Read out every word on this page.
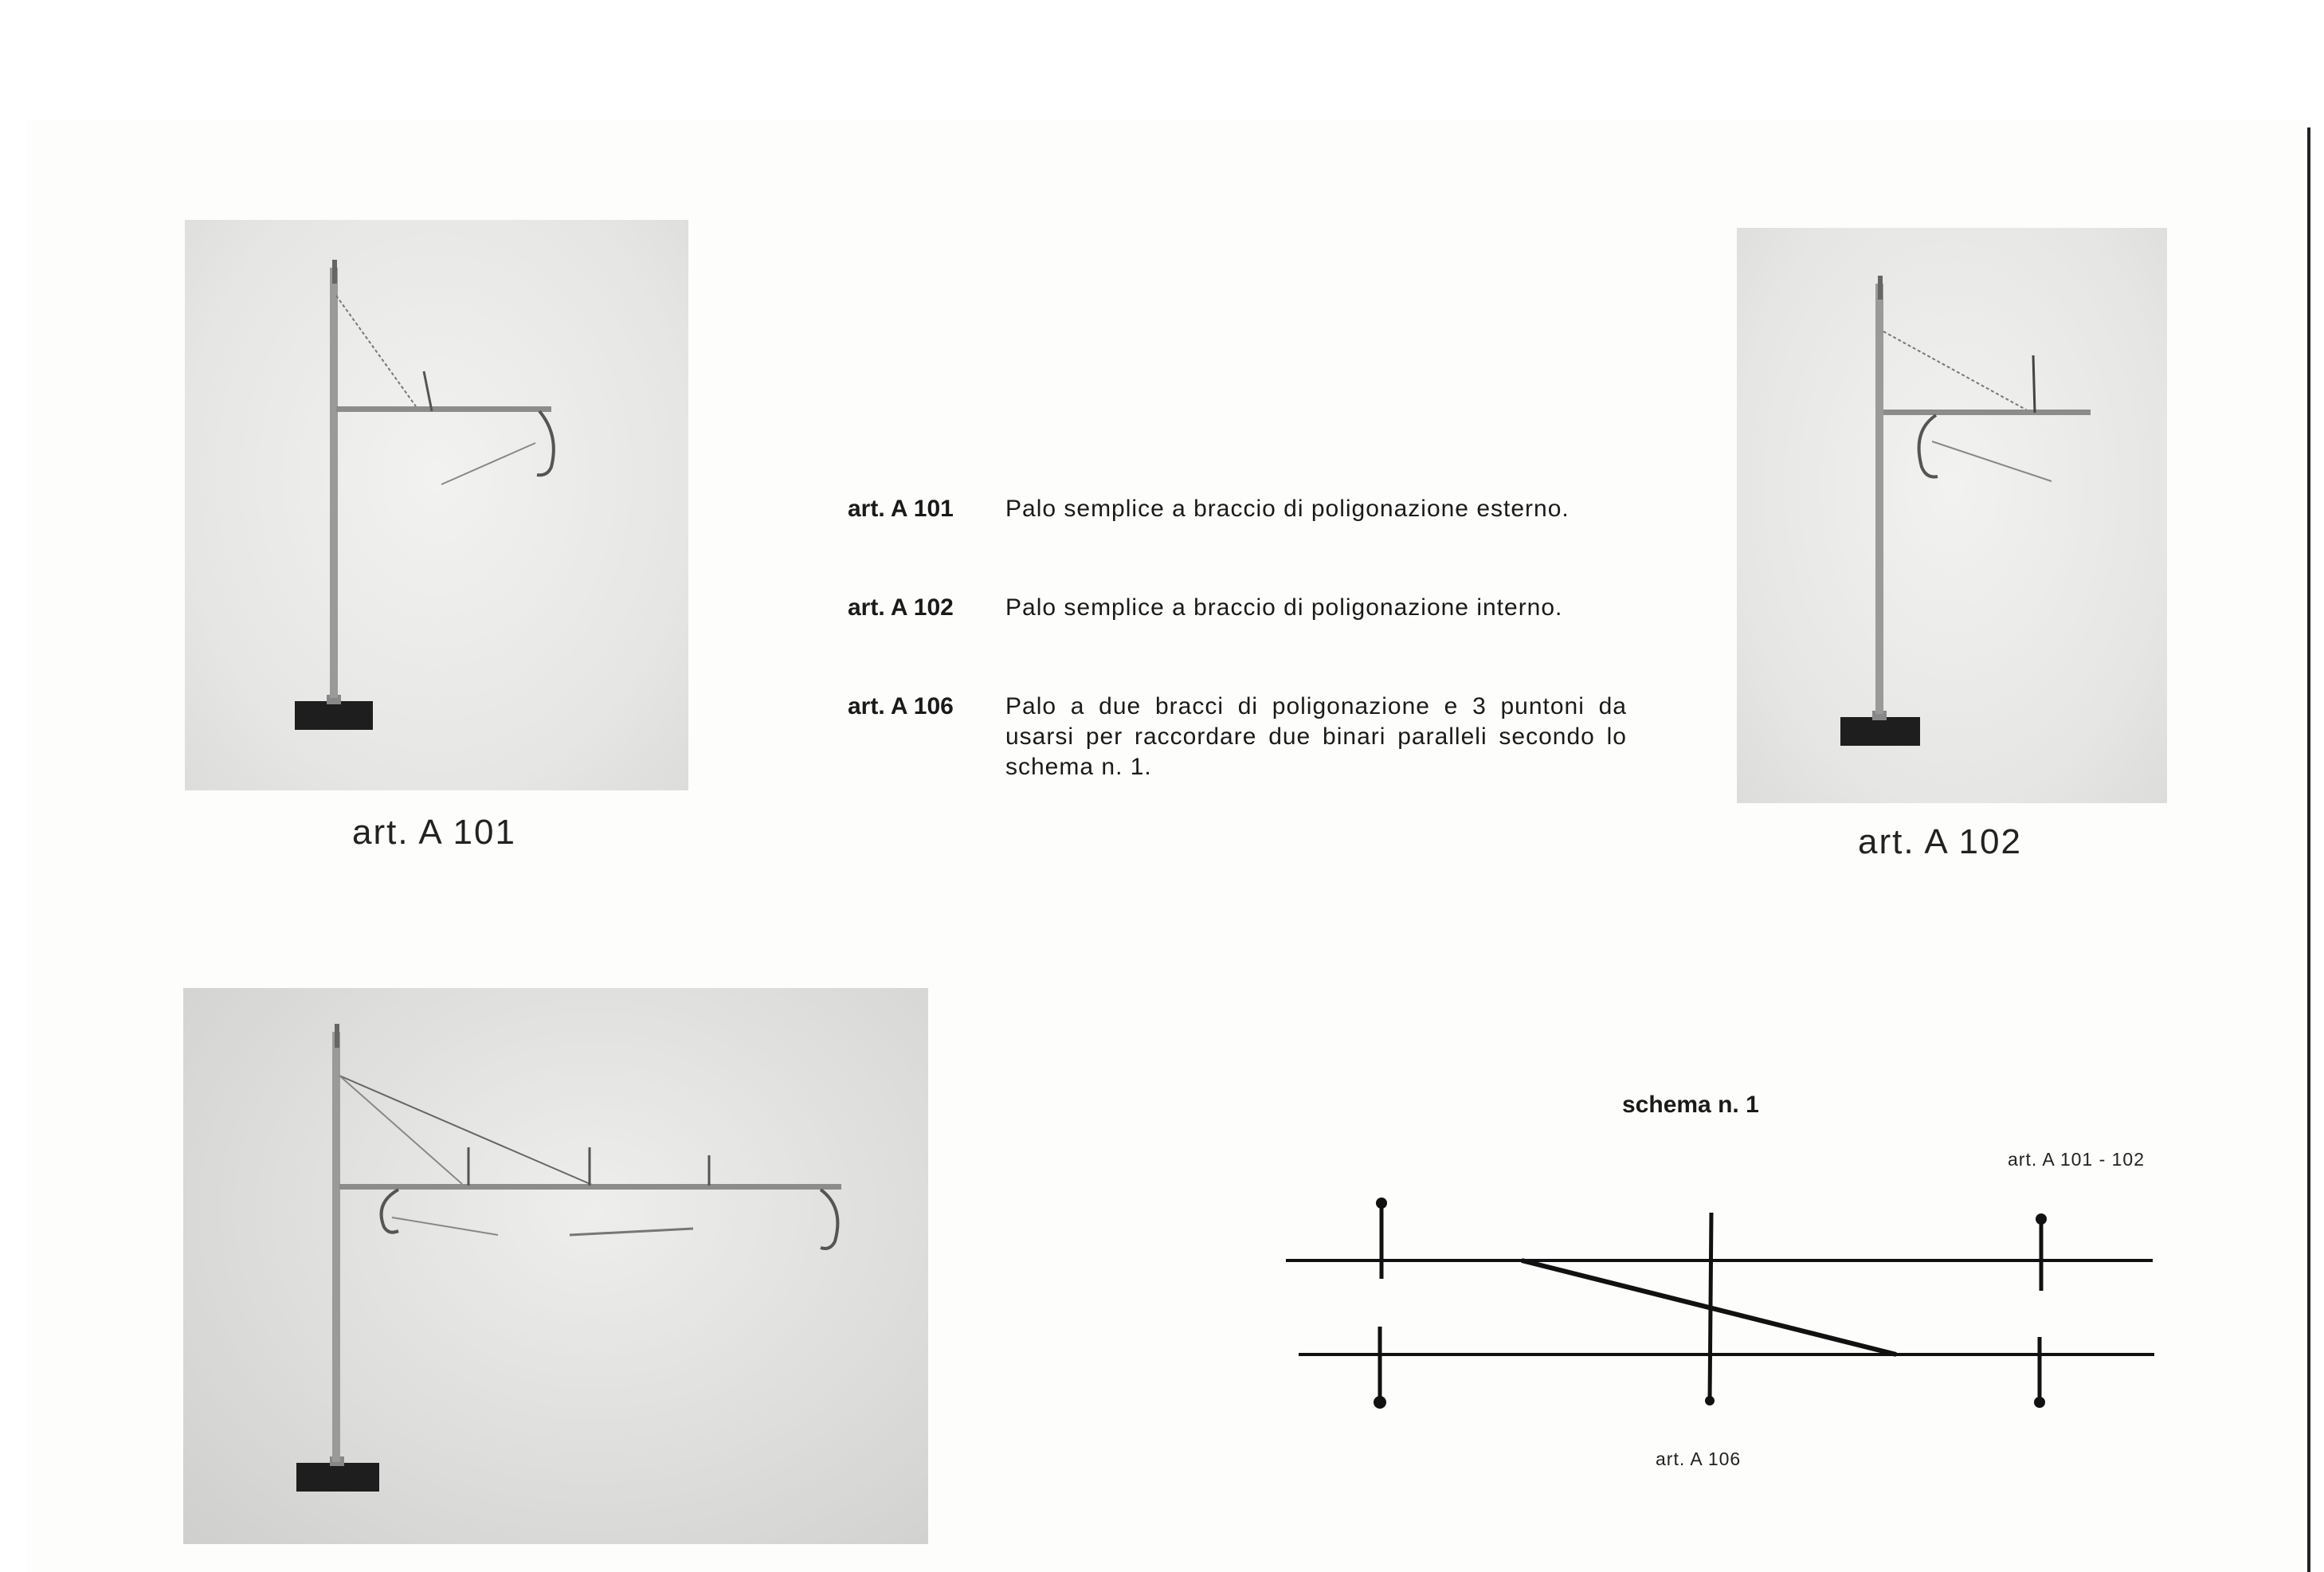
art. A 101	art. A 102
art. A 101	Palo semplice a braccio di poligonazione esterno.
art. A 102	Palo semplice a braccio di poligonazione interno.
art. A 106	Palo a due bracci di poligonazione e 3 puntoni da usarsi per raccordare due binari paralleli secondo lo schema n. 1.
schema n. 1
art. A 101 - 102
art. A 106
